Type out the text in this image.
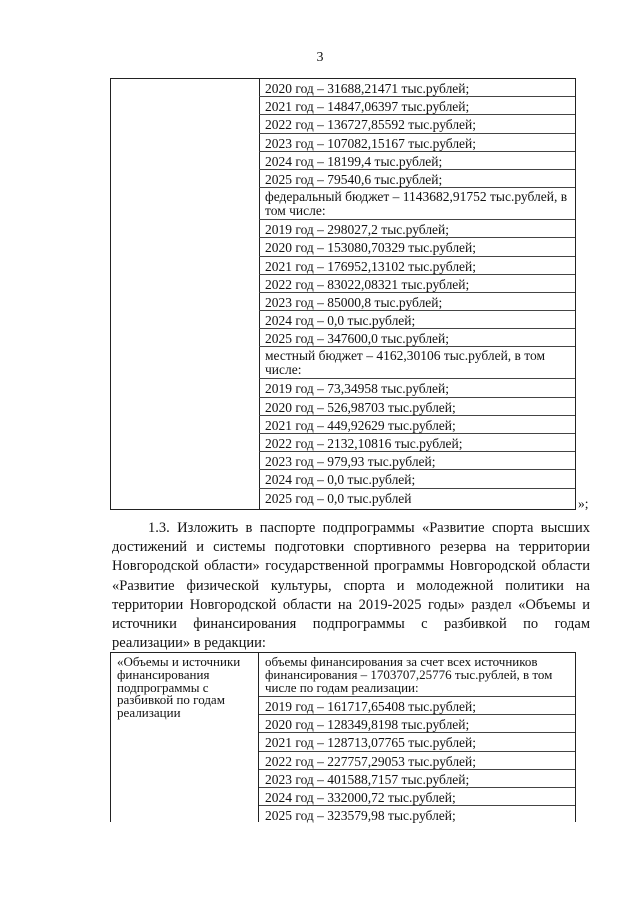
3
2020 год – 31688,21471 тыс.рублей;
2021 год – 14847,06397 тыс.рублей;
2022 год – 136727,85592 тыс.рублей;
2023 год – 107082,15167 тыс.рублей;
2024 год – 18199,4 тыс.рублей;
2025 год – 79540,6 тыс.рублей;
федеральный бюджет – 1143682,91752 тыс.рублей, в том числе:
2019 год – 298027,2 тыс.рублей;
2020 год – 153080,70329 тыс.рублей;
2021 год – 176952,13102 тыс.рублей;
2022 год – 83022,08321 тыс.рублей;
2023 год – 85000,8 тыс.рублей;
2024 год – 0,0 тыс.рублей;
2025 год – 347600,0 тыс.рублей;
местный бюджет – 4162,30106 тыс.рублей, в том числе:
2019 год – 73,34958 тыс.рублей;
2020 год – 526,98703 тыс.рублей;
2021 год – 449,92629 тыс.рублей;
2022 год – 2132,10816 тыс.рублей;
2023 год – 979,93 тыс.рублей;
2024 год – 0,0 тыс.рублей;
2025 год – 0,0 тыс.рублей	»;
1.3. Изложить в паспорте подпрограммы «Развитие спорта высших достижений и системы подготовки спортивного резерва на территории Новгородской области» государственной программы Новгородской области «Развитие физической культуры, спорта и молодежной политики на территории Новгородской области на 2019-2025 годы» раздел «Объемы и источники финансирования подпрограммы с разбивкой по годам реализации» в редакции:
«Объемы и источники финансирования подпрограммы с разбивкой по годам реализации
объемы финансирования за счет всех источников финансирования – 1703707,25776 тыс.рублей, в том числе по годам реализации:
2019 год – 161717,65408 тыс.рублей;
2020 год – 128349,8198 тыс.рублей;
2021 год – 128713,07765 тыс.рублей;
2022 год – 227757,29053 тыс.рублей;
2023 год – 401588,7157 тыс.рублей;
2024 год – 332000,72 тыс.рублей;
2025 год – 323579,98 тыс.рублей;
